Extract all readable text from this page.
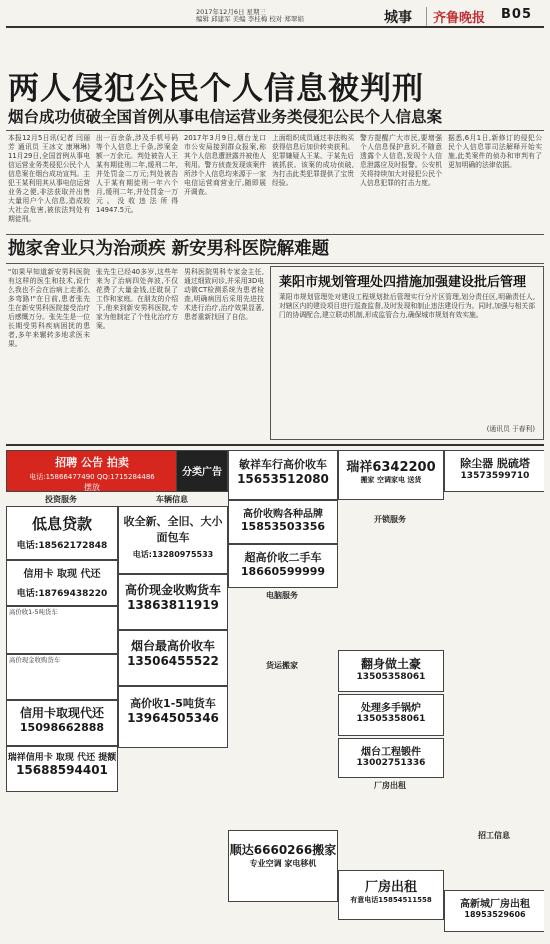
2017年12月6日 星期三
编辑 邱建军 美编 李桂梅 校对 郑翠娟	城事	齐鲁晚报 B05
两人侵犯公民个人信息被判刑
烟台成功侦破全国首例从事电信运营业务类侵犯公民个人信息案
本报12月5日讯(记者 闫丽芳 通讯员 王冰文 康琳琳) 11月29日,全国首例从事电信运营业务类侵犯公民个人信息案在烟台成功宣判。主犯王某利用其从事电信运营业务之便,非法获取并出售大量用户个人信息,造成较大社会危害,被依法判处有期徒刑。
出一百余条,涉及手机号码等个人信息上千条,涉案金额一万余元。判处被告人王某有期徒刑二年,缓刑二年,并处罚金二万元;判处被告人于某有期徒刑一年六个月,缓刑二年,并处罚金一万元。没收违法所得14947.5元。
2017年3月9日,烟台龙口市公安局接到群众报案,称其个人信息遭泄露并被他人利用。警方侦查发现该案件所涉个人信息均来源于一家电信运营商营业厅,随即展开调查。
上面组织成员通过非法购买获得信息后加价转卖获利。犯罪嫌疑人王某、于某先后被抓获。该案的成功侦破,为打击此类犯罪提供了宝贵经验。
警方提醒广大市民,要增强个人信息保护意识,不随意透露个人信息,发现个人信息泄露应及时报警。公安机关将持续加大对侵犯公民个人信息犯罪的打击力度。
据悉,6月1日,新修订的侵犯公民个人信息罪司法解释开始实施,此类案件的侦办和审判有了更加明确的法律依据。
抛家舍业只为治顽疾 新安男科医院解难题
"如果早知道新安男科医院有这样的医生和技术,说什么我也不会在治病上走那么多弯路!"在日前,患者张先生在新安男科医院接受治疗后感慨万分。张先生是一位长期受男科疾病困扰的患者,多年来辗转多地求医未果。
张先生已经40多岁,这些年来为了治病四处奔波,不仅花费了大量金钱,还耽误了工作和家庭。在朋友的介绍下,他来到新安男科医院,专家为他制定了个性化治疗方案。
男科医院男科专家金主任,通过细致问诊,并采用3D电动微CT检测系统为患者检查,明确病因后采用先进技术进行治疗,治疗效果显著,患者重新找回了自信。
莱阳市规划管理处四措施加强建设批后管理
莱阳市规划管理处对建设工程规划批后管理实行分片区管理,划分责任区,明确责任人,对辖区内的建设项目进行巡查监督,及时发现和制止违法建设行为。同时,加强与相关部门的协调配合,建立联动机制,形成监管合力,确保城市规划有效实施。
(通讯员 于春利)
招聘 公告 拍卖
电话:15866477490 QQ:1715284486
摆放
分类广告
投资服务
低息贷款
电话:18562172848
信用卡 取现 代还
电话:18769438220
高价收1-5吨货车
高价现金收购货车
信用卡取现代还
15098662888
瑞祥信用卡 取现 代还 提额
15688594401
车辆信息
收全新、全旧、大小面包车
电话:13280975533
高价现金收购货车
13863811919
烟台最高价收车
13506455522
高价收1-5吨货车
13964505346
敏祥车行高价收车
15653512080
高价收购各种品牌
15853503356
超高价收二手车
18660599999
电脑服务
货运搬家
顺达6660266搬家
专业空调 家电移机
瑞祥6342200
搬家 空调家电 送货
开锁服务
厂房出租
厂房出租
有意电话15854511558
除尘器 脱硫塔
13573599710
翻身做土豪
13505358061
处理多手锅炉
13505358061
烟台工程锻件
13002751336
高新城厂房出租
18953529606
招工信息
